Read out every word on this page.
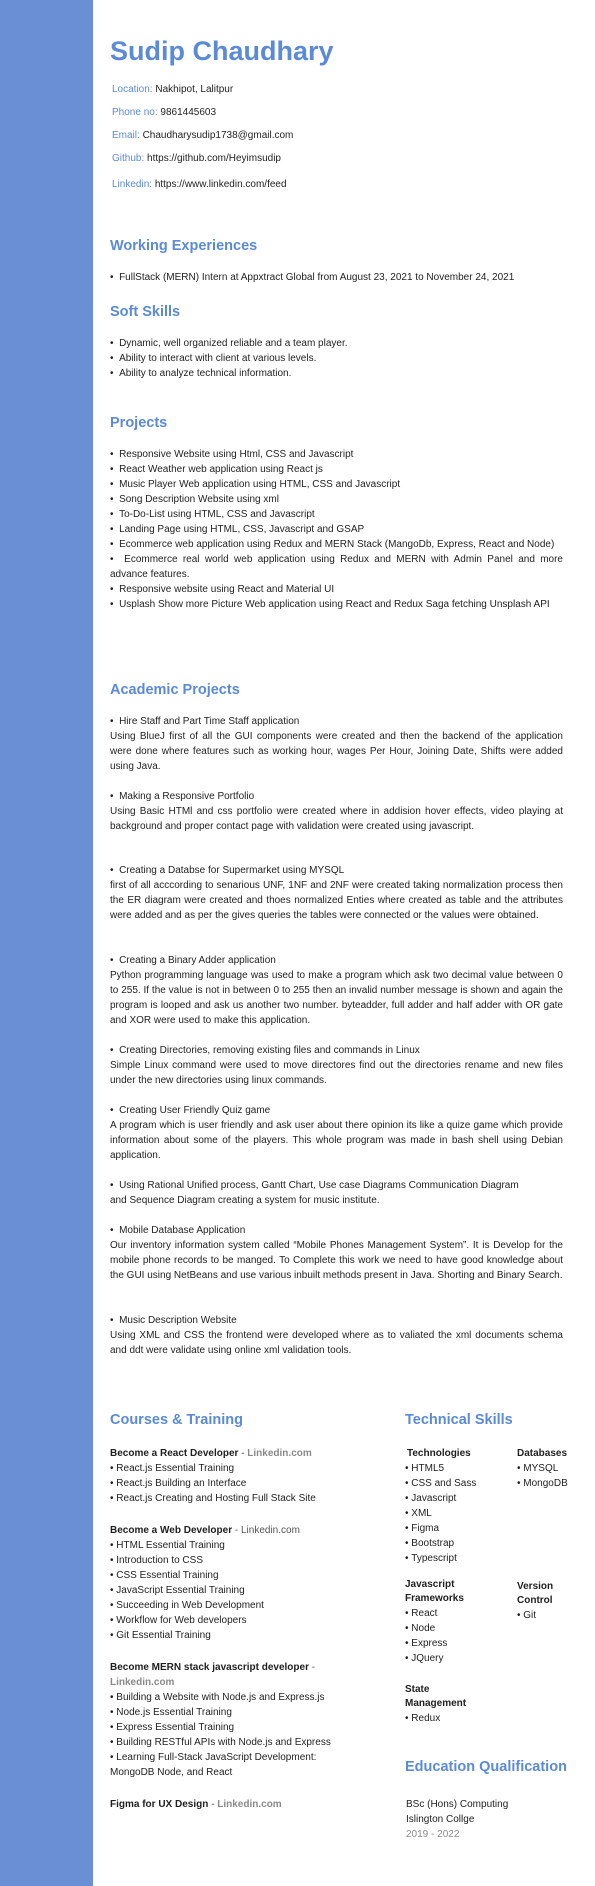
Sudip Chaudhary
Location: Nakhipot, Lalitpur
Phone no: 9861445603
Email: Chaudharysudip1738@gmail.com
Github: https://github.com/Heyimsudip
Linkedin: https://www.linkedin.com/feed
Working Experiences
•  FullStack (MERN) Intern at Appxtract Global from August 23, 2021 to November 24, 2021
Soft Skills
•  Dynamic, well organized reliable and a team player.
•  Ability to interact with client at various levels.
•  Ability to analyze technical information.
Projects
•  Responsive Website using Html, CSS and Javascript
•  React Weather web application using React js
•  Music Player Web application using HTML, CSS and Javascript
•  Song Description Website using xml
•  To-Do-List using HTML, CSS and Javascript
•  Landing Page using HTML, CSS, Javascript and GSAP
•  Ecommerce web application using Redux and MERN Stack (MangoDb, Express, React and Node)
•  Ecommerce real world web application using Redux and MERN with Admin Panel and more advance features.
•  Responsive website using React and Material UI
•  Usplash Show more Picture Web application using React and Redux Saga fetching Unsplash API
Academic Projects
•  Hire Staff and Part Time Staff application
Using BlueJ first of all the GUI components were created and then the backend of the application were done where features such as working hour, wages Per Hour, Joining Date, Shifts were added using Java.
•  Making a Responsive Portfolio
Using Basic HTMl and css portfolio were created where in addision hover effects, video playing at background and proper contact page with validation were created using javascript.
•  Creating a Databse for Supermarket using MYSQL
first of all acccording to senarious UNF, 1NF and 2NF were created taking normalization process then the ER diagram were created and thoes normalized Enties where created as table and the attributes were added and as per the gives queries the tables were connected or the values were obtained.
•  Creating a Binary Adder application
Python programming language was used to make a program which ask two decimal value between 0 to 255. If the value is not in between 0 to 255 then an invalid number message is shown and again the program is looped and ask us another two number. byteadder, full adder and half adder with OR gate and XOR were used to make this application.
•  Creating Directories, removing existing files and commands in Linux
Simple Linux command were used to move directores find out the directories rename and new files under the new directories using linux commands.
•  Creating User Friendly Quiz game
A program which is user friendly and ask user about there opinion its like a quize game which provide information about some of the players. This whole program was made in bash shell using Debian application.
•  Using Rational Unified process, Gantt Chart, Use case Diagrams Communication Diagram and Sequence Diagram creating a system for music institute.
•  Mobile Database Application
Our inventory information system called “Mobile Phones Management System”. It is Develop for the mobile phone records to be manged. To Complete this work we need to have good knowledge about the GUI using NetBeans and use various inbuilt methods present in Java. Shorting and Binary Search.
•  Music Description Website
Using XML and CSS the frontend were developed where as to valiated the xml documents schema and ddt were validate using online xml validation tools.
Courses & Training
Become a React Developer - Linkedin.com
• React.js Essential Training
• React.js Building an Interface
• React.js Creating and Hosting Full Stack Site
Become a Web Developer - Linkedin.com
• HTML Essential Training
• Introduction to CSS
• CSS Essential Training
• JavaScript Essential Training
• Succeeding in Web Development
• Workflow for Web developers
• Git Essential Training
Become MERN stack javascript developer - Linkedin.com
• Building a Website with Node.js and Express.js
• Node.js Essential Training
• Express Essential Training
• Building RESTful APIs with Node.js and Express
• Learning Full-Stack JavaScript Development: MongoDB Node, and React
Figma for UX Design - Linkedin.com
Technical Skills
Technologies
• HTML5
• CSS and Sass
• Javascript
• XML
• Figma
• Bootstrap
• Typescript
Databases
• MYSQL
• MongoDB
Javascript
Frameworks
• React
• Node
• Express
• JQuery
Version
Control
• Git
State
Management
• Redux
Education Qualification
BSc (Hons) Computing
Islington Collge
2019 - 2022
